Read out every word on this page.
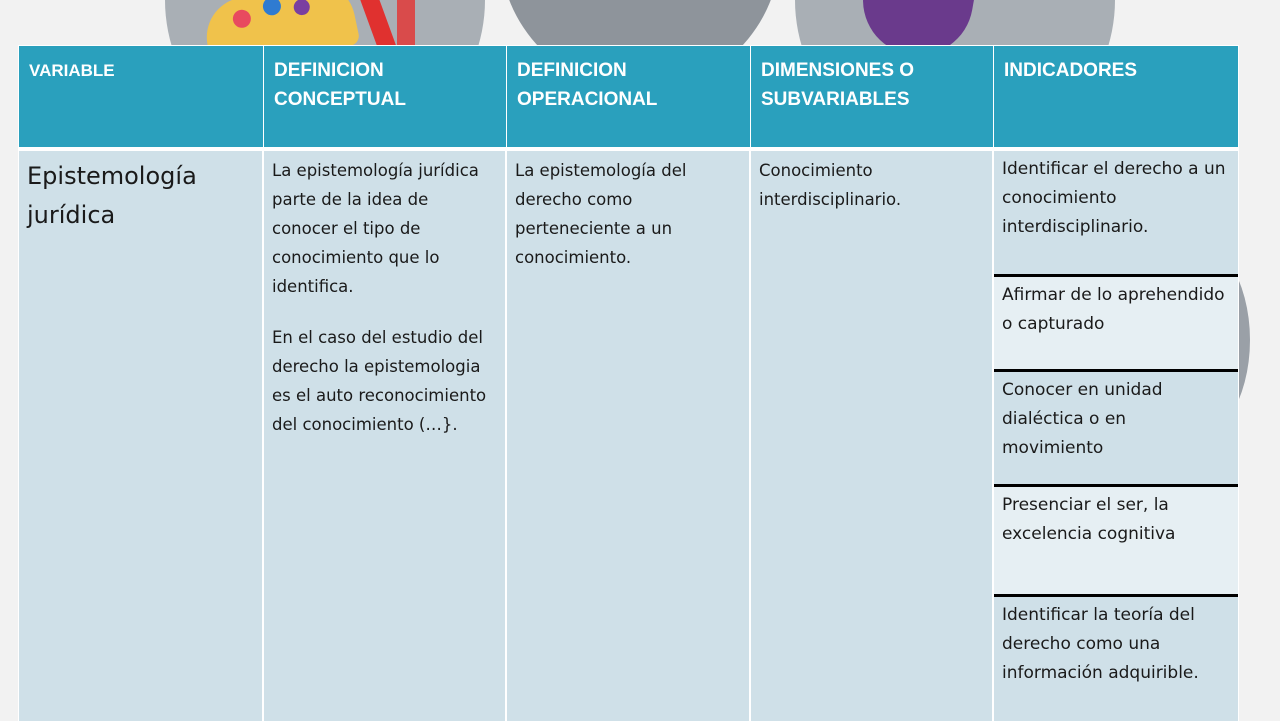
VARIABLE	DEFINICION CONCEPTUAL
DEFINICION OPERACIONAL
DIMENSIONES O SUBVARIABLES
INDICADORES
Epistemología jurídica

La epistemología jurídica parte de la idea de conocer el tipo de conocimiento que lo identifica.

En el caso del estudio del derecho la epistemologia es el auto reconocimiento del conocimiento (…}.

La epistemología del derecho como perteneciente a un conocimiento.
Conocimiento interdisciplinario.
Identificar el derecho a un conocimiento interdisciplinario.
Afirmar de lo aprehendido o capturado
Conocer en unidad dialéctica o en movimiento
Presenciar el ser, la excelencia cognitiva
Identificar la teoría del derecho como una información adquirible.
